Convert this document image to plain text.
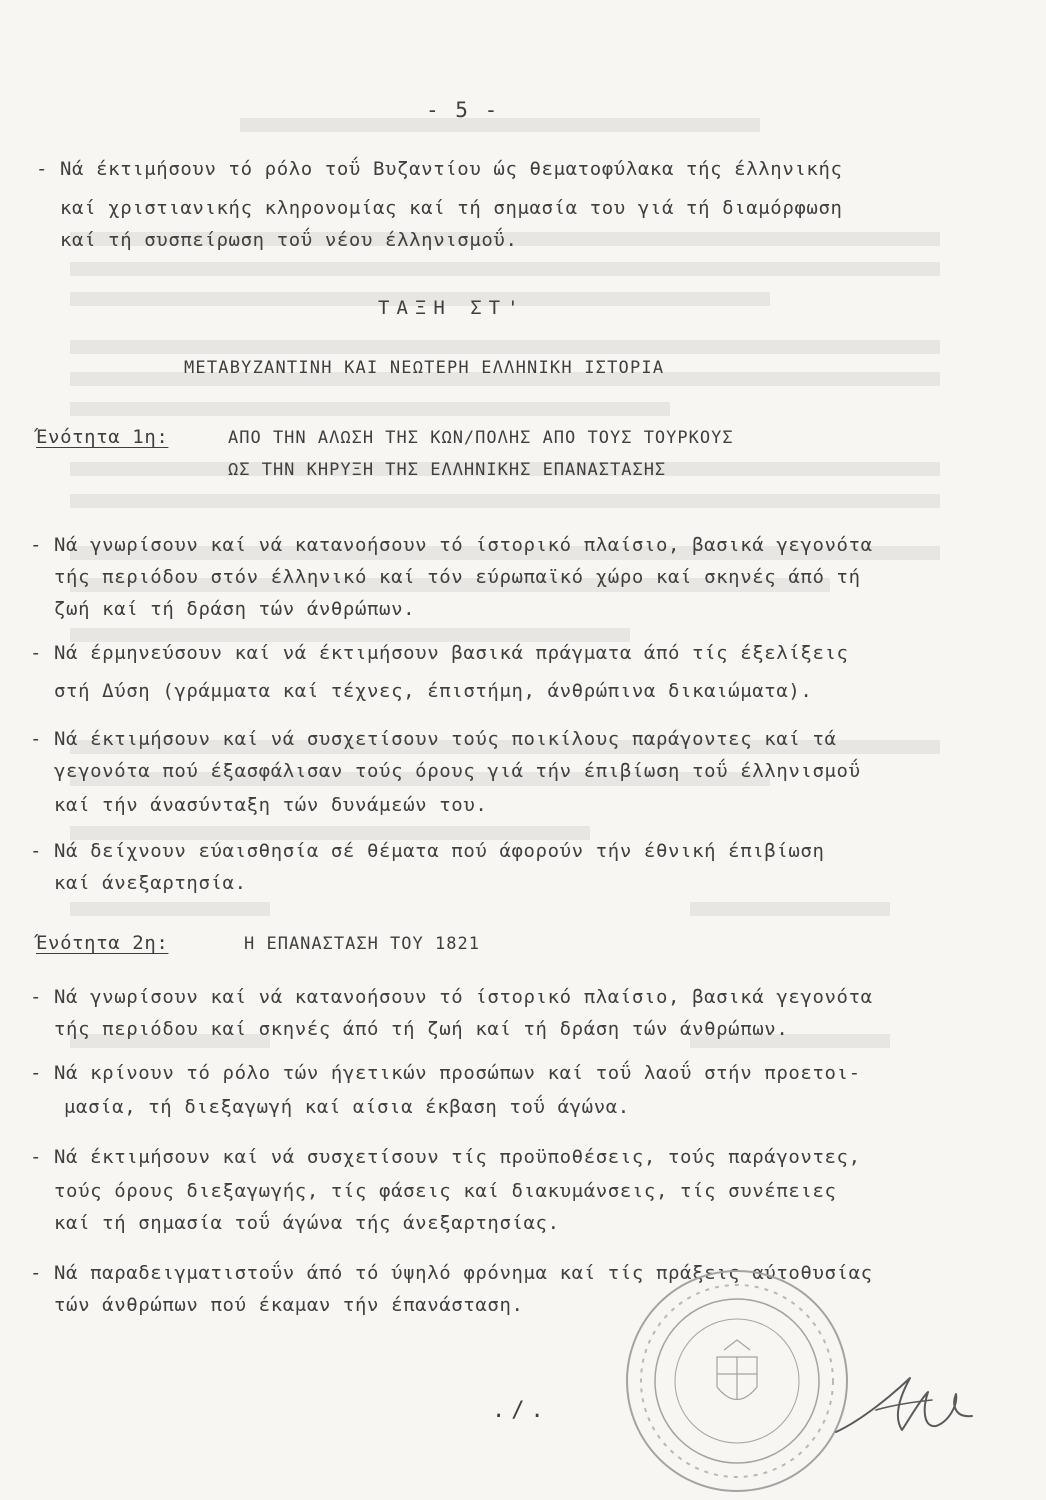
- 5 -
- Νά έκτιμήσουν τό ρόλο τοΰ Βυζαντίου ώς θεματοφύλακα τής έλληνικής
καί χριστιανικής κληρονομίας καί τή σημασία του γιά τή διαμόρφωση
καί τή συσπείρωση τοΰ νέου έλληνισμοΰ.
ΤΑΞΗ ΣΤ'
ΜΕΤΑΒΥΖΑΝΤΙΝΗ ΚΑΙ ΝΕΩΤΕΡΗ ΕΛΛΗΝΙΚΗ ΙΣΤΟΡΙΑ
Ένότητα 1η:	ΑΠΟ ΤΗΝ ΑΛΩΣΗ ΤΗΣ ΚΩΝ/ΠΟΛΗΣ ΑΠΟ ΤΟΥΣ ΤΟΥΡΚΟΥΣ
ΩΣ ΤΗΝ ΚΗΡΥΞΗ ΤΗΣ ΕΛΛΗΝΙΚΗΣ ΕΠΑΝΑΣΤΑΣΗΣ
- Νά γνωρίσουν καί νά κατανοήσουν τό ίστορικό πλαίσιο, βασικά γεγονότα
τής περιόδου στόν έλληνικό καί τόν εύρωπαϊκό χώρο καί σκηνές άπό τή
ζωή καί τή δράση τών άνθρώπων.
- Νά έρμηνεύσουν καί νά έκτιμήσουν βασικά πράγματα άπό τίς έξελίξεις
στή Δύση (γράμματα καί τέχνες, έπιστήμη, άνθρώπινα δικαιώματα).
- Νά έκτιμήσουν καί νά συσχετίσουν τούς ποικίλους παράγοντες καί τά
γεγονότα πού έξασφάλισαν τούς όρους γιά τήν έπιβίωση τοΰ έλληνισμοΰ
καί τήν άνασύνταξη τών δυνάμεών του.
- Νά δείχνουν εύαισθησία σέ θέματα πού άφορούν τήν έθνική έπιβίωση
καί άνεξαρτησία.
Ένότητα 2η:	Η ΕΠΑΝΑΣΤΑΣΗ ΤΟΥ 1821
- Νά γνωρίσουν καί νά κατανοήσουν τό ίστορικό πλαίσιο, βασικά γεγονότα
τής περιόδου καί σκηνές άπό τή ζωή καί τή δράση τών άνθρώπων.
- Νά κρίνουν τό ρόλο τών ήγετικών προσώπων καί τοΰ λαοΰ στήν προετοι-
μασία, τή διεξαγωγή καί αίσια έκβαση τοΰ άγώνα.
- Νά έκτιμήσουν καί νά συσχετίσουν τίς προϋποθέσεις, τούς παράγοντες,
τούς όρους διεξαγωγής, τίς φάσεις καί διακυμάνσεις, τίς συνέπειες
καί τή σημασία τοΰ άγώνα τής άνεξαρτησίας.
- Νά παραδειγματιστοΰν άπό τό ύψηλό φρόνημα καί τίς πράξεις αύτοθυσίας
τών άνθρώπων πού έκαμαν τήν έπανάσταση.
./.
